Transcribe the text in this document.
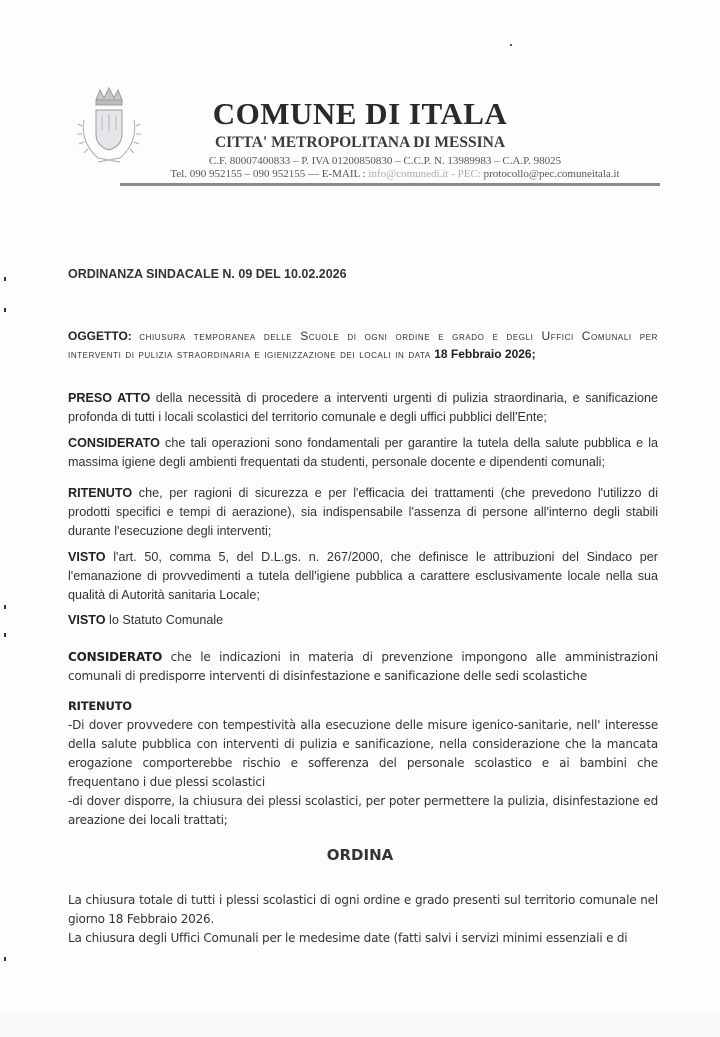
COMUNE DI ITALA
CITTA' METROPOLITANA DI MESSINA
C.F. 80007400833 – P. IVA 01200850830 – C.C.P. N. 13989983 – C.A.P. 98025
Tel. 090 952155 – 090 952155 — E-MAIL : info@comunedi.it - PEC: protocollo@pec.comuneitala.it
ORDINANZA SINDACALE N. 09 DEL 10.02.2026
OGGETTO: chiusura temporanea delle Scuole di ogni ordine e grado e degli Uffici Comunali per interventi di pulizia straordinaria e igienizzazione dei locali in data 18 Febbraio 2026;
PRESO ATTO della necessità di procedere a interventi urgenti di pulizia straordinaria, e sanificazione profonda di tutti i locali scolastici del territorio comunale e degli uffici pubblici dell'Ente;
CONSIDERATO che tali operazioni sono fondamentali per garantire la tutela della salute pubblica e la massima igiene degli ambienti frequentati da studenti, personale docente e dipendenti comunali;
RITENUTO che, per ragioni di sicurezza e per l'efficacia dei trattamenti (che prevedono l'utilizzo di prodotti specifici e tempi di aerazione), sia indispensabile l'assenza di persone all'interno degli stabili durante l'esecuzione degli interventi;
VISTO l'art. 50, comma 5, del D.L.gs. n. 267/2000, che definisce le attribuzioni del Sindaco per l'emanazione di provvedimenti a tutela dell'igiene pubblica a carattere esclusivamente locale nella sua qualità di Autorità sanitaria Locale;
VISTO lo Statuto Comunale
CONSIDERATO che le indicazioni in materia di prevenzione impongono alle amministrazioni comunali di predisporre interventi di disinfestazione e sanificazione delle sedi scolastiche
RITENUTO
-Di dover provvedere con tempestività alla esecuzione delle misure igenico-sanitarie, nell' interesse della salute pubblica con interventi di pulizia e sanificazione, nella considerazione che la mancata erogazione comporterebbe rischio e sofferenza del personale scolastico e ai bambini che frequentano i due plessi scolastici
-di dover disporre, la chiusura dei plessi scolastici, per poter permettere la pulizia, disinfestazione ed areazione dei locali trattati;
ORDINA
La chiusura totale di tutti i plessi scolastici di ogni ordine e grado presenti sul territorio comunale nel giorno 18 Febbraio 2026.
La chiusura degli Uffici Comunali per le medesime date (fatti salvi i servizi minimi essenziali e di
